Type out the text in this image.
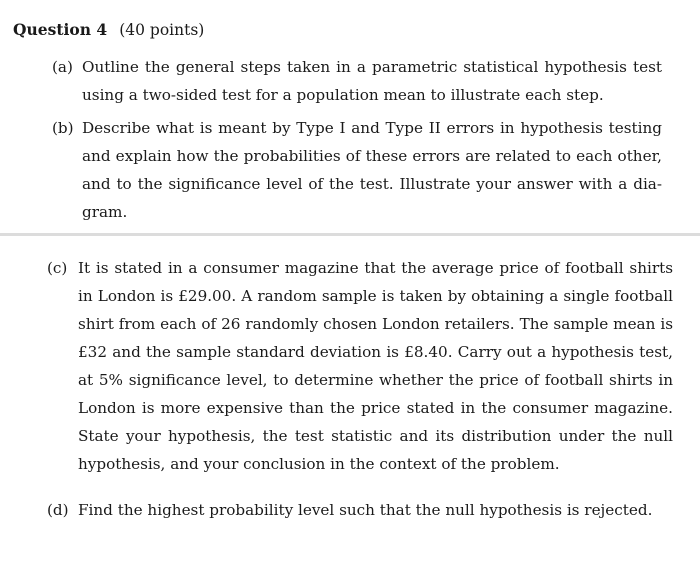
Question 4 (40 points)
(a) Outline the general steps taken in a parametric statistical hypothesis test using a two-sided test for a population mean to illustrate each step.
(b) Describe what is meant by Type I and Type II errors in hypothesis testing and explain how the probabilities of these errors are related to each other, and to the significance level of the test. Illustrate your answer with a dia- gram.
(c) It is stated in a consumer magazine that the average price of football shirts in London is £29.00. A random sample is taken by obtaining a single football shirt from each of 26 randomly chosen London retailers. The sample mean is £32 and the sample standard deviation is £8.40. Carry out a hypothesis test, at 5% significance level, to determine whether the price of football shirts in London is more expensive than the price stated in the consumer magazine. State your hypothesis, the test statistic and its distribution under the null hypothesis, and your conclusion in the context of the problem.
(d) Find the highest probability level such that the null hypothesis is rejected.
